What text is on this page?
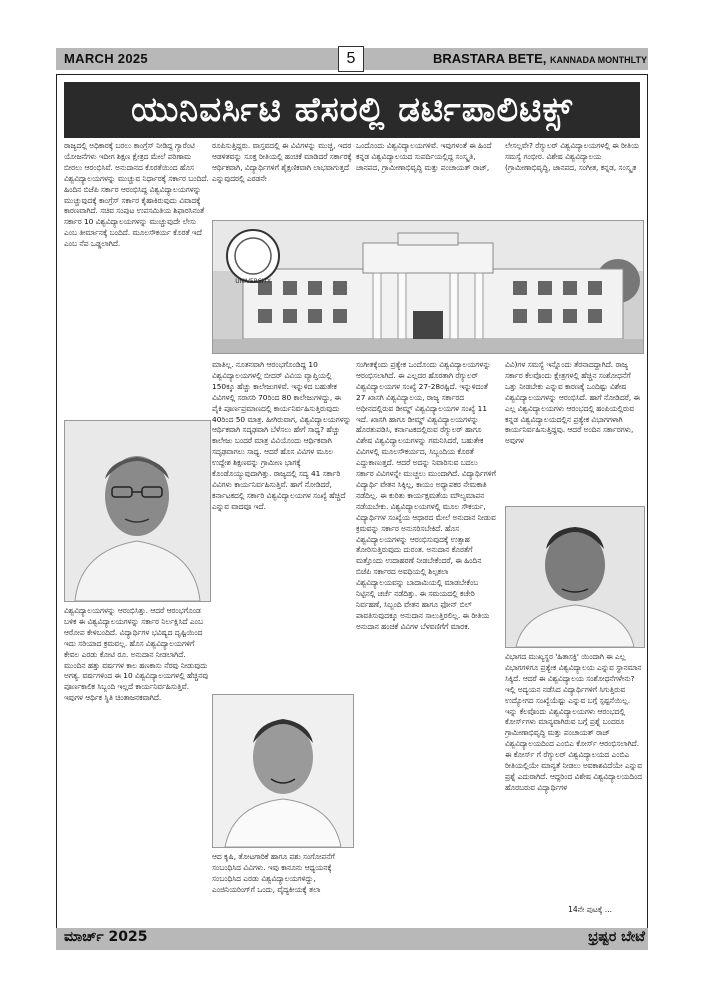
MARCH 2025	5	BRASTARA BETE, KANNADA MONTHLTY
ಯುನಿವರ್ಸಿಟಿ ಹೆಸರಲ್ಲಿ ಡರ್ಟಿಪಾಲಿಟಿಕ್ಸ್

ರಾಜ್ಯದಲ್ಲಿ ಅಧಿಕಾರಕ್ಕೆ ಬರಲು ಕಾಂಗ್ರೆಸ್ ನೀಡಿದ್ದ ಗ್ಯಾರೆಂಟಿ ಯೋಜನೆಗಳು ಇದೀಗ ಶಿಕ್ಷಣ ಕ್ಷೇತ್ರದ ಮೇಲೆ ಪರಿಣಾಮ ಬೀರಲು ಆರಂಭಿಸಿವೆ. ಅನುದಾನದ ಕೊರತೆಯಿಂದ ಹೊಸ ವಿಶ್ವವಿದ್ಯಾಲಯಗಳನ್ನು ಮುಚ್ಚುವ ನಿರ್ಧಾರಕ್ಕೆ ಸರ್ಕಾರ ಬಂದಿದೆ. ಹಿಂದಿನ ಬಿಜೆಪಿ ಸರ್ಕಾರ ಆರಂಭಿಸಿದ್ದ ವಿಶ್ವವಿದ್ಯಾಲಯಗಳನ್ನು ಮುಚ್ಚುವುದಕ್ಕೆ ಕಾಂಗ್ರೆಸ್ ಸರ್ಕಾರ ಕೈಹಾಕಿರುವುದು ವಿವಾದಕ್ಕೆ ಕಾರಣವಾಗಿದೆ. ಸಚಿವ ಸಂಪುಟ ಉಪಸಮಿತಿಯ ಶಿಫಾರಸಿನಂತೆ ಸರ್ಕಾರ 10 ವಿಶ್ವವಿದ್ಯಾಲಯಗಳನ್ನು ಮುಚ್ಚುವುದೇ ಲೇಸು ಎಂಬ ತೀರ್ಮಾನಕ್ಕೆ ಬಂದಿದೆ. ಮೂಲಸೌಕರ್ಯ ಕೊರತೆ ಇದೆ ಎಂಬ ನೆಪ ಒಡ್ಡಲಾಗಿದೆ.

ವಿಶ್ವವಿದ್ಯಾಲಯಗಳನ್ನು ಆರಂಭಿಸಿತ್ತು. ಆದರೆ ಆರಂಭಗೊಂಡ ಬಳಿಕ ಈ ವಿಶ್ವವಿದ್ಯಾಲಯಗಳನ್ನು ಸರ್ಕಾರ ನಿರ್ಲಕ್ಷಿಸಿದೆ ಎಂಬ ಆರೋಪ ಕೇಳಿಬಂದಿದೆ. ವಿದ್ಯಾರ್ಥಿಗಳ ಭವಿಷ್ಯದ ದೃಷ್ಟಿಯಿಂದ ಇದು ಸರಿಯಾದ ಕ್ರಮವಲ್ಲ. ಹೊಸ ವಿಶ್ವವಿದ್ಯಾಲಯಗಳಿಗೆ ಕೇವಲ ಎರಡು ಕೋಟಿ ರೂ. ಅನುದಾನ ನೀಡಲಾಗಿದೆ. ಮುಂದಿನ ಹತ್ತು ವರ್ಷಗಳ ಕಾಲ ಹಣಕಾಸು ನೆರವು ನೀಡುವುದು ಅಗತ್ಯ. ವರ್ಷಗಳಿಂದ ಈ 10 ವಿಶ್ವವಿದ್ಯಾಲಯಗಳಲ್ಲಿ ಹೆಚ್ಚಿನವು ಪೂರ್ಣಕಾಲಿಕ ಸಿಬ್ಬಂದಿ ಇಲ್ಲದೆ ಕಾರ್ಯನಿರ್ವಹಿಸುತ್ತಿವೆ. ಇವುಗಳ ಆರ್ಥಿಕ ಸ್ಥಿತಿ ಚಿಂತಾಜನಕವಾಗಿದೆ.

ರೂಪಿಸುತ್ತಿದ್ದರು. ವಾಸ್ತವದಲ್ಲಿ ಈ ವಿವಿಗಳನ್ನು ಮುಚ್ಚಿ, ಇದರ ಆಡಳಿತವನ್ನು ಸೂಕ್ತ ರೀತಿಯಲ್ಲಿ ಹಂಚಿಕೆ ಮಾಡಿದರೆ ಸರ್ಕಾರಕ್ಕೆ ಆರ್ಥಿಕವಾಗಿ, ವಿದ್ಯಾರ್ಥಿಗಳಿಗೆ ಶೈಕ್ಷಣಿಕವಾಗಿ ಲಾಭವಾಗುತ್ತದೆ ಎನ್ನುವುದರಲ್ಲಿ ಎರಡನೇ

ಒಂದೊಂದು ವಿಶ್ವವಿದ್ಯಾಲಯಗಳಿವೆ. ಇವುಗಳಂತೆ ಈ ಹಿಂದೆ ಕನ್ನಡ ವಿಶ್ವವಿದ್ಯಾಲಯದ ಸುಪರ್ದಿಯಲ್ಲಿದ್ದ ಸಂಸ್ಕೃತಿ, ಜಾನಪದ, ಗ್ರಾಮೀಣಾಭಿವೃದ್ಧಿ ಮತ್ತು ಪಂಚಾಯತ್ ರಾಜ್,

ಲೇಸಲ್ಲವೇ? ರೆಗ್ಯುಲರ್ ವಿಶ್ವವಿದ್ಯಾಲಯಗಳಲ್ಲಿ ಈ ರೀತಿಯ ಸಮಸ್ಯೆ ಗಂಭೀರ. ವಿಶೇಷ ವಿಶ್ವವಿದ್ಯಾಲಯ (ಗ್ರಾಮೀಣಾಭಿವೃದ್ಧಿ, ಜಾನಪದ, ಸಂಗೀತ, ಕನ್ನಡ, ಸಂಸ್ಕೃತ

UNIVERSITY

ಮಾತಿಲ್ಲ. ನೂತನವಾಗಿ ಆರಂಭಗೊಂಡಿದ್ದ 10 ವಿಶ್ವವಿದ್ಯಾಲಯಗಳಲ್ಲಿ ಬೀದರ್ ವಿವಿಯ ವ್ಯಾಪ್ತಿಯಲ್ಲಿ 150ಕ್ಕೂ ಹೆಚ್ಚು ಕಾಲೇಜುಗಳಿವೆ. ಇನ್ನುಳಿದ ಬಹುತೇಕ ವಿವಿಗಳಲ್ಲಿ ಸರಾಸರಿ 70ರಿಂದ 80 ಕಾಲೇಜುಗಳಿದ್ದು, ಈ ಪೈಕಿ ಪೂರ್ಣಪ್ರಮಾಣದಲ್ಲಿ ಕಾರ್ಯನಿರ್ವಹಿಸುತ್ತಿರುವುದು 40ರಿಂದ 50 ಮಾತ್ರ. ಹೀಗಿರುವಾಗ, ವಿಶ್ವವಿದ್ಯಾಲಯಗಳನ್ನು ಆರ್ಥಿಕವಾಗಿ ಸದೃಢವಾಗಿ ಬೆಳೆಸಲು ಹೇಗೆ ಸಾಧ್ಯ? ಹೆಚ್ಚು ಕಾಲೇಜು ಬಂದರೆ ಮಾತ್ರ ವಿವಿಯೊಂದು ಆರ್ಥಿಕವಾಗಿ ಸದೃಢವಾಗಲು ಸಾಧ್ಯ. ಆದರೆ ಹೊಸ ವಿವಿಗಳ ಮೂಲ ಉದ್ದೇಶ ಶಿಕ್ಷಣವನ್ನು ಗ್ರಾಮೀಣ ಭಾಗಕ್ಕೆ ಕೊಂಡೊಯ್ಯುವುದಾಗಿತ್ತು. ರಾಜ್ಯದಲ್ಲಿ ಸದ್ಯ 41 ಸರ್ಕಾರಿ ವಿವಿಗಳು ಕಾರ್ಯನಿರ್ವಹಿಸುತ್ತಿವೆ. ಹಾಗೆ ನೋಡಿದರೆ, ಕರ್ನಾಟಕದಲ್ಲಿ ಸರ್ಕಾರಿ ವಿಶ್ವವಿದ್ಯಾಲಯಗಳ ಸಂಖ್ಯೆ ಹೆಚ್ಚಿದೆ ಎನ್ನುವ ವಾದವೂ ಇದೆ.

ಆದ ಕೃಷಿ, ತೋಟಗಾರಿಕೆ ಹಾಗೂ ಪಶು ಸಂಗೋಪನೆಗೆ ಸಂಬಂಧಿಸಿದ ವಿವಿಗಳು. ಇವು ಕಾನೂನು ಆಧ್ಯಯನಕ್ಕೆ ಸಂಬಂಧಿಸಿದ ಎರಡು ವಿಶ್ವವಿದ್ಯಾಲಯಗಳಿದ್ದು, ಎಂಜಿನಿಯರಿಂಗ್‌ಗೆ ಒಂದು, ವೈದ್ಯಕೀಯಕ್ಕೆ ತಲಾ

ಸಂಗೀತಕ್ಕೆಂದು ಪ್ರತ್ಯೇಕ ಒಂದೊಂದು ವಿಶ್ವವಿದ್ಯಾಲಯಗಳನ್ನು ಆರಂಭಿಸಲಾಗಿದೆ. ಈ ಎಲ್ಲದರ ಹೊರತಾಗಿ ರೆಗ್ಯುಲರ್ ವಿಶ್ವವಿದ್ಯಾಲಯಗಳ ಸಂಖ್ಯೆ 27-28ರಷ್ಟಿದೆ. ಇನ್ನುಳಿದಂತೆ 27 ಖಾಸಗಿ ವಿಶ್ವವಿದ್ಯಾಲಯ, ರಾಜ್ಯ ಸರ್ಕಾರದ ಅಧೀನದಲ್ಲಿರುವ ಡೀಮ್ಡ್ ವಿಶ್ವವಿದ್ಯಾಲಯಗಳ ಸಂಖ್ಯೆ 11 ಇದೆ. ಖಾಸಗಿ ಹಾಗೂ ಡೀಮ್ಡ್ ವಿಶ್ವವಿದ್ಯಾಲಯಗಳನ್ನು ಹೊರತುಪಡಿಸಿ, ಕರ್ನಾಟಕದಲ್ಲಿರುವ ರೆಗ್ಯುಲರ್ ಹಾಗೂ ವಿಶೇಷ ವಿಶ್ವವಿದ್ಯಾಲಯಗಳನ್ನು ಗಮನಿಸಿದರೆ, ಬಹುತೇಕ ವಿವಿಗಳಲ್ಲಿ ಮೂಲಸೌಕರ್ಯದ, ಸಿಬ್ಬಂದಿಯ ಕೊರತೆ ಎದ್ದುಕಾಣುತ್ತದೆ. ಆದರೆ ಅದನ್ನು ನಿವಾರಿಸುವ ಬದಲು ಸರ್ಕಾರ ವಿವಿಗಳನ್ನೇ ಮುಚ್ಚಲು ಮುಂದಾಗಿದೆ. ವಿದ್ಯಾರ್ಥಿಗಳಿಗೆ ವಿದ್ಯಾರ್ಥಿ ವೇತನ ಸಿಕ್ಕಿಲ್ಲ, ಕಾಯಂ ಅಧ್ಯಾಪಕರ ನೇಮಕಾತಿ ನಡೆದಿಲ್ಲ. ಈ ಕುರಿತು ಕಾರ್ಯಕ್ಷಮತೆಯ ಮೌಲ್ಯಮಾಪನ ನಡೆಯಬೇಕು. ವಿಶ್ವವಿದ್ಯಾಲಯಗಳಲ್ಲಿ ಮೂಲ ಸೌಕರ್ಯ, ವಿದ್ಯಾರ್ಥಿಗಳ ಸಂಖ್ಯೆಯ ಆಧಾರದ ಮೇಲೆ ಅನುದಾನ ನೀಡುವ ಕ್ರಮವನ್ನು ಸರ್ಕಾರ ಅನುಸರಿಸಬೇಕಿದೆ. ಹೊಸ ವಿಶ್ವವಿದ್ಯಾಲಯಗಳನ್ನು ಆರಂಭಿಸುವುದಕ್ಕೆ ಉತ್ಸಾಹ ತೋರಿಸುತ್ತಿರುವುದು ದುರಂತ. ಅನುದಾನ ಕೊರತೆಗೆ ಮತ್ತೊಂದು ಉದಾಹರಣೆ ನೀಡಬೇಕೆಂದರೆ, ಈ ಹಿಂದಿನ ಬಿಜೆಪಿ ಸರ್ಕಾರದ ಅವಧಿಯಲ್ಲಿ ಶಿಲ್ಪಕಲಾ ವಿಶ್ವವಿದ್ಯಾಲಯವನ್ನು ಬಾದಾಮಿಯಲ್ಲಿ ಮಾಡಬೇಕೆಂಬ ನಿಟ್ಟಿನಲ್ಲಿ ಚರ್ಚೆ ನಡೆದಿತ್ತು. ಈ ಸಮಯದಲ್ಲಿ ಕಚೇರಿ ನಿರ್ವಹಣೆ, ಸಿಬ್ಬಂದಿ ವೇತನ ಹಾಗೂ ಫೋನ್ ಬಿಲ್ ಪಾವತಿಸುವುದಕ್ಕೂ ಅನುದಾನ ಸಾಲುತ್ತಿರಲಿಲ್ಲ. ಈ ರೀತಿಯ ಅನುದಾನ ಹಂಚಿಕೆ ವಿವಿಗಳ ಬೆಳವಣಿಗೆಗೆ ಮಾರಕ.

ವಿವಿ)ಗಳ ಸಮಸ್ಯೆ ಇನ್ನೊಂದು ತೆರನಾದದ್ದಾಗಿದೆ. ರಾಜ್ಯ ಸರ್ಕಾರ ಕೆಲವೊಂದು ಕ್ಷೇತ್ರಗಳಲ್ಲಿ ಹೆಚ್ಚಿನ ಸಂಶೋಧನೆಗೆ ಒತ್ತು ನೀಡಬೇಕು ಎನ್ನುವ ಕಾರಣಕ್ಕೆ ಒಂದಿಷ್ಟು ವಿಶೇಷ ವಿಶ್ವವಿದ್ಯಾಲಯಗಳನ್ನು ಆರಂಭಿಸಿದೆ. ಹಾಗೆ ನೋಡಿದರೆ, ಈ ಎಲ್ಲ ವಿಶ್ವವಿದ್ಯಾಲಯಗಳು ಆರಂಭದಲ್ಲಿ ಹಂಪಿಯಲ್ಲಿರುವ ಕನ್ನಡ ವಿಶ್ವವಿದ್ಯಾಲಯದಲ್ಲಿನ ಪ್ರತ್ಯೇಕ ವಿಭಾಗಗಳಾಗಿ ಕಾರ್ಯನಿರ್ವಹಿಸುತ್ತಿದ್ದವು. ಆದರೆ ಅಂದಿನ ಸರ್ಕಾರಗಳು, ಅವುಗಳ

ವಿಭಾಗದ ಮುಖ್ಯಸ್ಥರ 'ಹಿತಾಸಕ್ತಿ' ಯಿಂದಾಗಿ ಈ ಎಲ್ಲ ವಿಭಾಗಗಳಿಗೂ ಪ್ರತ್ಯೇಕ ವಿಶ್ವವಿದ್ಯಾಲಯ ಎನ್ನುವ ಸ್ಥಾನಮಾನ ಸಿಕ್ಕಿದೆ. ಆದರೆ ಈ ವಿಶ್ವವಿದ್ಯಾಲಯ ಸಂಶೋಧನೆಗಳೇನು? ಇಲ್ಲಿ ಅದ್ಯಯನ ನಡೆಸಿದ ವಿದ್ಯಾರ್ಥಿಗಳಿಗೆ ಸಿಗುತ್ತಿರುವ ಉದ್ಯೋಗದ ಸಂಖ್ಯೆಯೆಷ್ಟು ಎನ್ನುವ ಬಗ್ಗೆ ಸ್ಪಷ್ಟನೆಯಿಲ್ಲ. ಇನ್ನು ಕೆಲವೊಂದು ವಿಶ್ವವಿದ್ಯಾಲಯಗಳು ಆರಂಭದಲ್ಲಿ ಕೋರ್ಸ್‌ಗಳು ಮಾನ್ಯವಾಗಿರುವ ಬಗ್ಗೆ ಪ್ರಶ್ನೆ ಬಂದರೂ ಗ್ರಾಮೀಣಾಭಿವೃದ್ಧಿ ಮತ್ತು ಪಂಚಾಯತ್ ರಾಜ್ ವಿಶ್ವವಿದ್ಯಾಲಯದಿಂದ ಎಂಬಿಎ ಕೋರ್ಸ್ ಆರಂಭಿಸಲಾಗಿದೆ. ಈ ಕೋರ್ಸ್ ಗೆ ರೆಗ್ಯುಲರ್ ವಿಶ್ವವಿದ್ಯಾಲಯದ ಎಂಬಿಎ ರೀತಿಯಲ್ಲಿಯೇ ಮಾನ್ಯತೆ ನೀಡಲು ಅವಕಾಶವಿದೆಯೇ ಎನ್ನುವ ಪ್ರಶ್ನೆ ಎದುರಾಗಿದೆ. ಆದ್ದರಿಂದ ವಿಶೇಷ ವಿಶ್ವವಿದ್ಯಾಲಯದಿಂದ ಹೊರಬರುವ ವಿದ್ಯಾರ್ಥಿಗಳ

14ನೇ ಪುಟಕ್ಕೆ ...
ಮಾರ್ಚ್ 2025	ಭ್ರಷ್ಟರ ಬೇಟೆ
